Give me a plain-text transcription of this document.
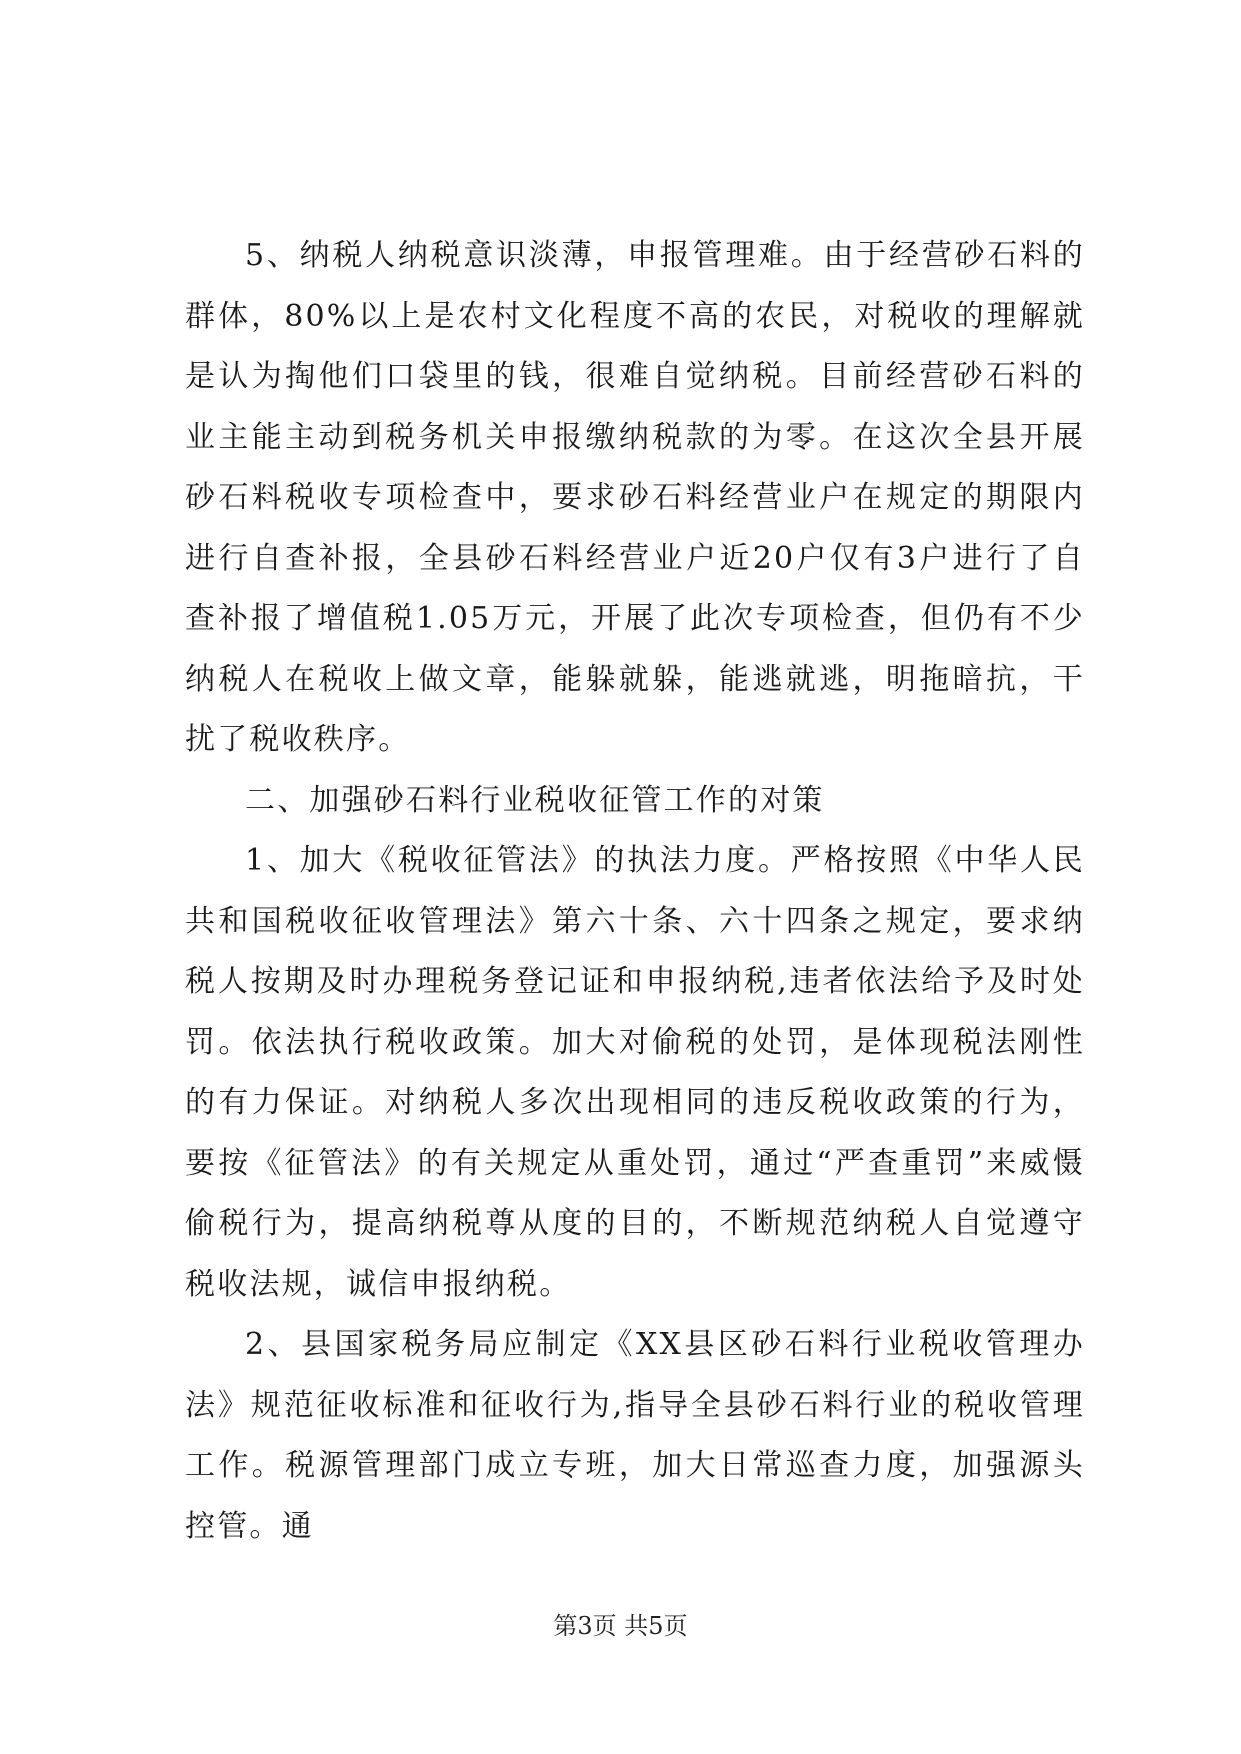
5、纳税人纳税意识淡薄，申报管理难。由于经营砂石料的群体，80%以上是农村文化程度不高的农民，对税收的理解就是认为掏他们口袋里的钱，很难自觉纳税。目前经营砂石料的业主能主动到税务机关申报缴纳税款的为零。在这次全县开展砂石料税收专项检查中，要求砂石料经营业户在规定的期限内进行自查补报，全县砂石料经营业户近20户仅有3户进行了自查补报了增值税1.05万元，开展了此次专项检查，但仍有不少纳税人在税收上做文章，能躲就躲，能逃就逃，明拖暗抗，干扰了税收秩序。

二、加强砂石料行业税收征管工作的对策

1、加大《税收征管法》的执法力度。严格按照《中华人民共和国税收征收管理法》第六十条、六十四条之规定，要求纳税人按期及时办理税务登记证和申报纳税,违者依法给予及时处罚。依法执行税收政策。加大对偷税的处罚，是体现税法刚性的有力保证。对纳税人多次出现相同的违反税收政策的行为，要按《征管法》的有关规定从重处罚，通过“严查重罚”来威慑偷税行为，提高纳税尊从度的目的，不断规范纳税人自觉遵守税收法规，诚信申报纳税。

2、县国家税务局应制定《XX县区砂石料行业税收管理办法》规范征收标准和征收行为,指导全县砂石料行业的税收管理工作。税源管理部门成立专班，加大日常巡查力度，加强源头控管。通

第3页 共5页
